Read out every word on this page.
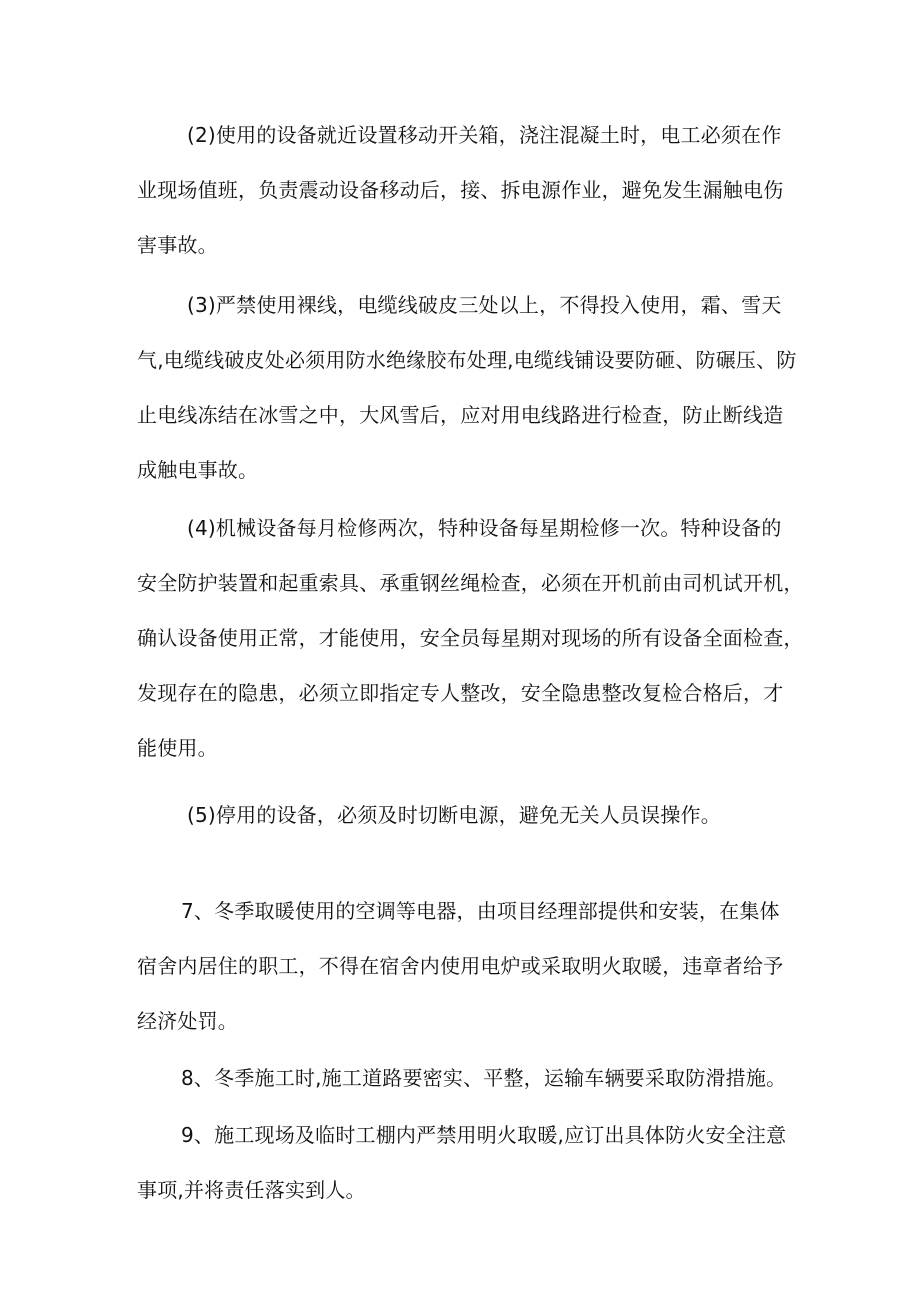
(2)使用的设备就近设置移动开关箱，浇注混凝土时，电工必须在作
业现场值班，负责震动设备移动后，接、拆电源作业，避免发生漏触电伤
害事故。
(3)严禁使用裸线，电缆线破皮三处以上，不得投入使用，霜、雪天
气,电缆线破皮处必须用防水绝缘胶布处理,电缆线铺设要防砸、防碾压、防
止电线冻结在冰雪之中，大风雪后，应对用电线路进行检查，防止断线造
成触电事故。
(4)机械设备每月检修两次，特种设备每星期检修一次。特种设备的
安全防护装置和起重索具、承重钢丝绳检查，必须在开机前由司机试开机，
确认设备使用正常，才能使用，安全员每星期对现场的所有设备全面检查，
发现存在的隐患，必须立即指定专人整改，安全隐患整改复检合格后，才
能使用。
(5)停用的设备，必须及时切断电源，避免无关人员误操作。
7、冬季取暖使用的空调等电器，由项目经理部提供和安装，在集体
宿舍内居住的职工，不得在宿舍内使用电炉或采取明火取暖，违章者给予
经济处罚。
8、冬季施工时,施工道路要密实、平整，运输车辆要采取防滑措施。
9、施工现场及临时工棚内严禁用明火取暖,应订出具体防火安全注意
事项,并将责任落实到人。
